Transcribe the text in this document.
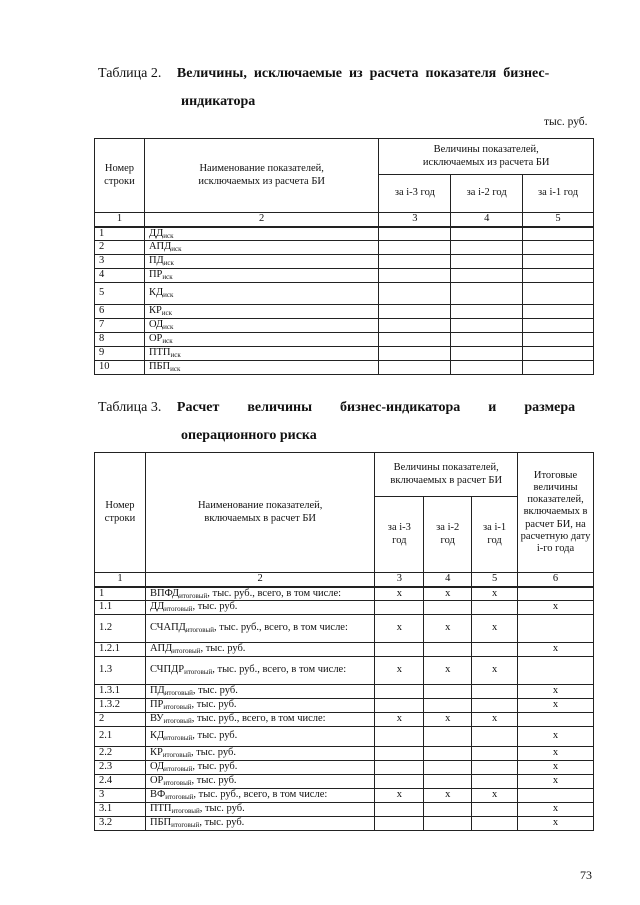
Таблица 2. Величины,  исключаемые  из  расчета  показателя  бизнес-
индикатора
тыс. руб.
Номер строки	Наименование показателей, исключаемых из расчета БИ	Величины показателей, исключаемых из расчета БИ		
		за i-3 год	за i-2 год	за i-1 год
1	2	3	4	5
1	$ДД_{иск}$			
2	$АПД_{иск}$			
3	$ПД_{иск}$			
4	$ПР_{иск}$			
5	$КД_{иск}$			
6	$КР_{иск}$			
7	$ОД_{иск}$			
8	$ОР_{иск}$			
9	$ПТП_{иск}$			
10	$ПБП_{иск}$			
Таблица 3. Расчет        величины        бизнес-индикатора        и        размера
операционного риска
Номер строки	Наименование показателей, включаемых в расчет БИ	Величины показателей, включаемых в расчет БИ			Итоговые величины показателей, включаемых в расчет БИ, на расчетную дату i-го года
		за i-3 год	за i-2 год	за i-1 год	
1	2	3	4	5	6
1	$ВПФД_{итоговый}$, тыс. руб., всего, в том числе:	x	x	x	
1.1	$ДД_{итоговый}$, тыс. руб.				x
1.2	$СЧАПД_{итоговый}$, тыс. руб., всего, в том числе:	x	x	x	
1.2.1	$АПД_{итоговый}$, тыс. руб.				x
1.3	$СЧПДР_{итоговый}$, тыс. руб., всего, в том числе:	x	x	x	
1.3.1	$ПД_{итоговый}$, тыс. руб.				x
1.3.2	$ПР_{итоговый}$, тыс. руб.				x
2	$ВУ_{итоговый}$, тыс. руб., всего, в том числе:	x	x	x	
2.1	$КД_{итоговый}$, тыс. руб.				x
2.2	$КР_{итоговый}$, тыс. руб.				x
2.3	$ОД_{итоговый}$, тыс. руб.				x
2.4	$ОР_{итоговый}$, тыс. руб.				x
3	$ВФ_{итоговый}$, тыс. руб., всего, в том числе:	x	x	x	
3.1	$ПТП_{итоговый}$, тыс. руб.				x
3.2	$ПБП_{итоговый}$, тыс. руб.				x
73
